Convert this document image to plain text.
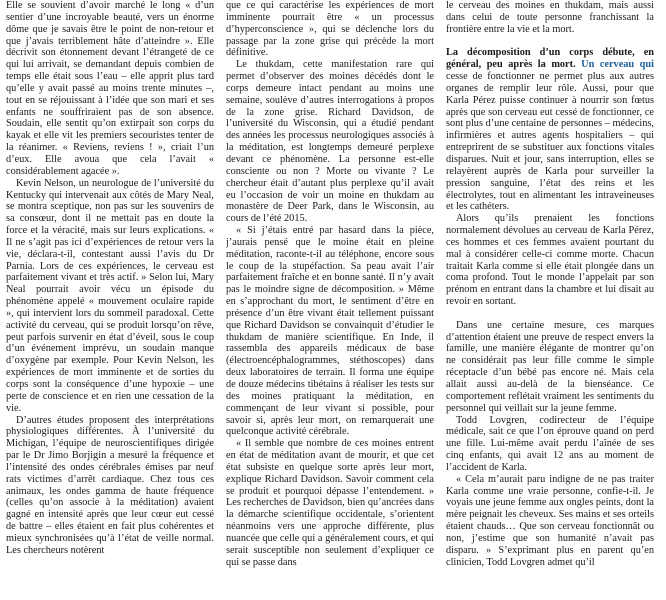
Elle se souvient d’avoir marché le long « d’un sentier d’une incroyable beauté, vers un énorme dôme que je savais être le point de non-retour et que j’avais terriblement hâte d’atteindre ». Elle décrivit son étonnement devant l’étrangeté de ce qui lui arrivait, se demandant depuis combien de temps elle était sous l’eau – elle apprit plus tard qu’elle y avait passé au moins trente minutes –, tout en se réjouissant à l’idée que son mari et ses enfants ne souffriraient pas de son absence. Soudain, elle sentit qu’on extirpait son corps du kayak et elle vit les premiers secouristes tenter de la réanimer. « Reviens, reviens ! », criait l’un d’eux. Elle avoua que cela l’avait « considérablement agacée ».

Kevin Nelson, un neurologue de l’université du Kentucky qui intervenait aux côtés de Mary Neal, se montra sceptique, non pas sur les souvenirs de sa consœur, dont il ne mettait pas en doute la force et la véracité, mais sur leurs explications. « Il ne s’agit pas ici d’expériences de retour vers la vie, déclara-t-il, contestant aussi l’avis du Dr Parnia. Lors de ces expériences, le cerveau est parfaitement vivant et très actif. » Selon lui, Mary Neal pourrait avoir vécu un épisode du phénomène appelé « mouvement oculaire rapide », qui intervient lors du sommeil paradoxal. Cette activité du cerveau, qui se produit lorsqu’on rêve, peut parfois survenir en état d’éveil, sous le coup d’un événement imprévu, un soudain manque d’oxygène par exemple. Pour Kevin Nelson, les expériences de mort imminente et de sorties du corps sont la conséquence d’une hypoxie – une perte de conscience et en rien une cessation de la vie.

D’autres études proposent des interprétations physiologiques différentes. À l’université du Michigan, l’équipe de neuroscientifiques dirigée par le Dr Jimo Borjigin a mesuré la fréquence et l’intensité des ondes cérébrales émises par neuf rats victimes d’arrêt cardiaque. Chez tous ces animaux, les ondes gamma de haute fréquence (celles qu’on associe à la méditation) avaient gagné en intensité après que leur cœur eut cessé de battre – elles étaient en fait plus cohérentes et mieux synchronisées qu’à l’état de veille normal. Les chercheurs notèrent

que ce qui caractérise les expériences de mort imminente pourrait être « un processus d’hyperconscience », qui se déclenche lors du passage par la zone grise qui précède la mort définitive.

Le thukdam, cette manifestation rare qui permet d’observer des moines décédés dont le corps demeure intact pendant au moins une semaine, soulève d’autres interrogations à propos de la zone grise. Richard Davidson, de l’université du Wisconsin, qui a étudié pendant des années les processus neurologiques associés à la méditation, est longtemps demeuré perplexe devant ce phénomène. La personne est-elle consciente ou non ? Morte ou vivante ? Le chercheur était d’autant plus perplexe qu’il avait eu l’occasion de voir un moine en thukdam au monastère de Deer Park, dans le Wisconsin, au cours de l’été 2015.

« Si j’étais entré par hasard dans la pièce, j’aurais pensé que le moine était en pleine méditation, raconte-t-il au téléphone, encore sous le coup de la stupéfaction. Sa peau avait l’air parfaitement fraîche et en bonne santé. Il n’y avait pas le moindre signe de décomposition. » Même en s’approchant du mort, le sentiment d’être en présence d’un être vivant était tellement puissant que Richard Davidson se convainquit d’étudier le thukdam de manière scientifique. En Inde, il rassembla des appareils médicaux de base (électroencéphalogrammes, stéthoscopes) dans deux laboratoires de terrain. Il forma une équipe de douze médecins tibétains à réaliser les tests sur des moines pratiquant la méditation, en commençant de leur vivant si possible, pour savoir si, après leur mort, on remarquerait une quelconque activité cérébrale.

« Il semble que nombre de ces moines entrent en état de méditation avant de mourir, et que cet état subsiste en quelque sorte après leur mort, explique Richard Davidson. Savoir comment cela se produit et pourquoi dépasse l’entendement. » Les recherches de Davidson, bien qu’ancrées dans la démarche scientifique occidentale, s’orientent néanmoins vers une approche différente, plus nuancée que celle qui a généralement cours, et qui serait susceptible non seulement d’expliquer ce qui se passe dans

le cerveau des moines en thukdam, mais aussi dans celui de toute personne franchissant la frontière entre la vie et la mort.

La décomposition d’un corps débute, en général, peu après la mort. Un cerveau qui cesse de fonctionner ne permet plus aux autres organes de remplir leur rôle. Aussi, pour que Karla Pérez puisse continuer à nourrir son fœtus après que son cerveau eut cessé de fonctionner, ce sont plus d’une centaine de personnes – médecins, infirmières et autres agents hospitaliers – qui entreprirent de se substituer aux fonctions vitales disparues. Nuit et jour, sans interruption, elles se relayèrent auprès de Karla pour surveiller la pression sanguine, l’état des reins et les électrolytes, tout en alimentant les intraveineuses et les cathéters.

Alors qu’ils prenaient les fonctions normalement dévolues au cerveau de Karla Pérez, ces hommes et ces femmes avaient pourtant du mal à considérer celle-ci comme morte. Chacun traitait Karla comme si elle était plongée dans un coma profond. Tout le monde l’appelait par son prénom en entrant dans la chambre et lui disait au revoir en sortant.

Dans une certaine mesure, ces marques d’attention étaient une preuve de respect envers la famille, une manière élégante de montrer qu’on ne considérait pas leur fille comme le simple réceptacle d’un bébé pas encore né. Mais cela allait aussi au-delà de la bienséance. Ce comportement reflétait vraiment les sentiments du personnel qui veillait sur la jeune femme.

Todd Lovgren, codirecteur de l’équipe médicale, sait ce que l’on éprouve quand on perd une fille. Lui-même avait perdu l’aînée de ses cinq enfants, qui avait 12 ans au moment de l’accident de Karla.

« Cela m’aurait paru indigne de ne pas traiter Karla comme une vraie personne, confie-t-il. Je voyais une jeune femme aux ongles peints, dont la mère peignait les cheveux. Ses mains et ses orteils étaient chauds… Que son cerveau fonctionnât ou non, j’estime que son humanité n’avait pas disparu. » S’exprimant plus en parent qu’en clinicien, Todd Lovgren admet qu’il
